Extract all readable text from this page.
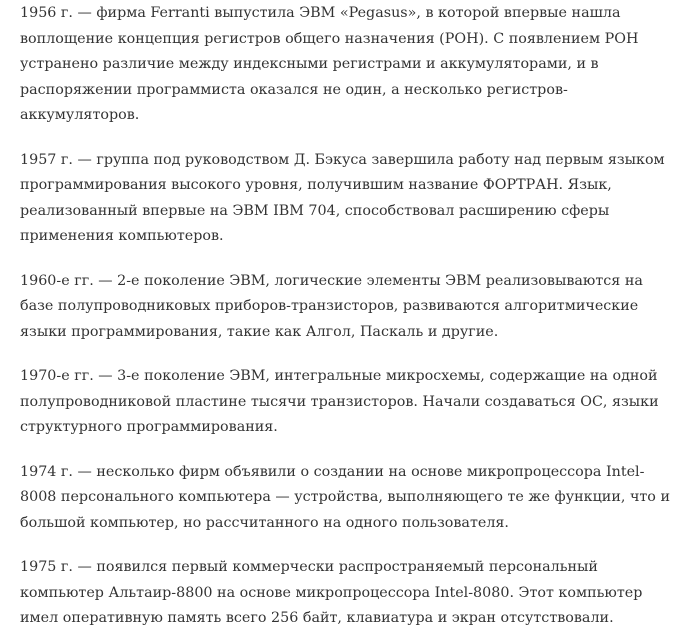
1956 г. — фирма Ferranti выпустила ЭВМ «Pegasus», в которой впервые нашла
воплощение концепция регистров общего назначения (РОН). С появлением РОН
устранено различие между индексными регистрами и аккумуляторами, и в
распоряжении программиста оказался не один, а несколько регистров-
аккумуляторов.

1957 г. — группа под руководством Д. Бэкуса завершила работу над первым языком
программирования высокого уровня, получившим название ФОРТРАН. Язык,
реализованный впервые на ЭВМ IBM 704, способствовал расширению сферы
применения компьютеров.

1960-е гг. — 2-е поколение ЭВМ, логические элементы ЭВМ реализовываются на
базе полупроводниковых приборов-транзисторов, развиваются алгоритмические
языки программирования, такие как Алгол, Паскаль и другие.

1970-е гг. — 3-е поколение ЭВМ, интегральные микросхемы, содержащие на одной
полупроводниковой пластине тысячи транзисторов. Начали создаваться ОС, языки
структурного программирования.

1974 г. — несколько фирм объявили о создании на основе микропроцессора Intel-
8008 персонального компьютера — устройства, выполняющего те же функции, что и
большой компьютер, но рассчитанного на одного пользователя.

1975 г. — появился первый коммерчески распространяемый персональный
компьютер Альтаир-8800 на основе микропроцессора Intel-8080. Этот компьютер
имел оперативную память всего 256 байт, клавиатура и экран отсутствовали.
